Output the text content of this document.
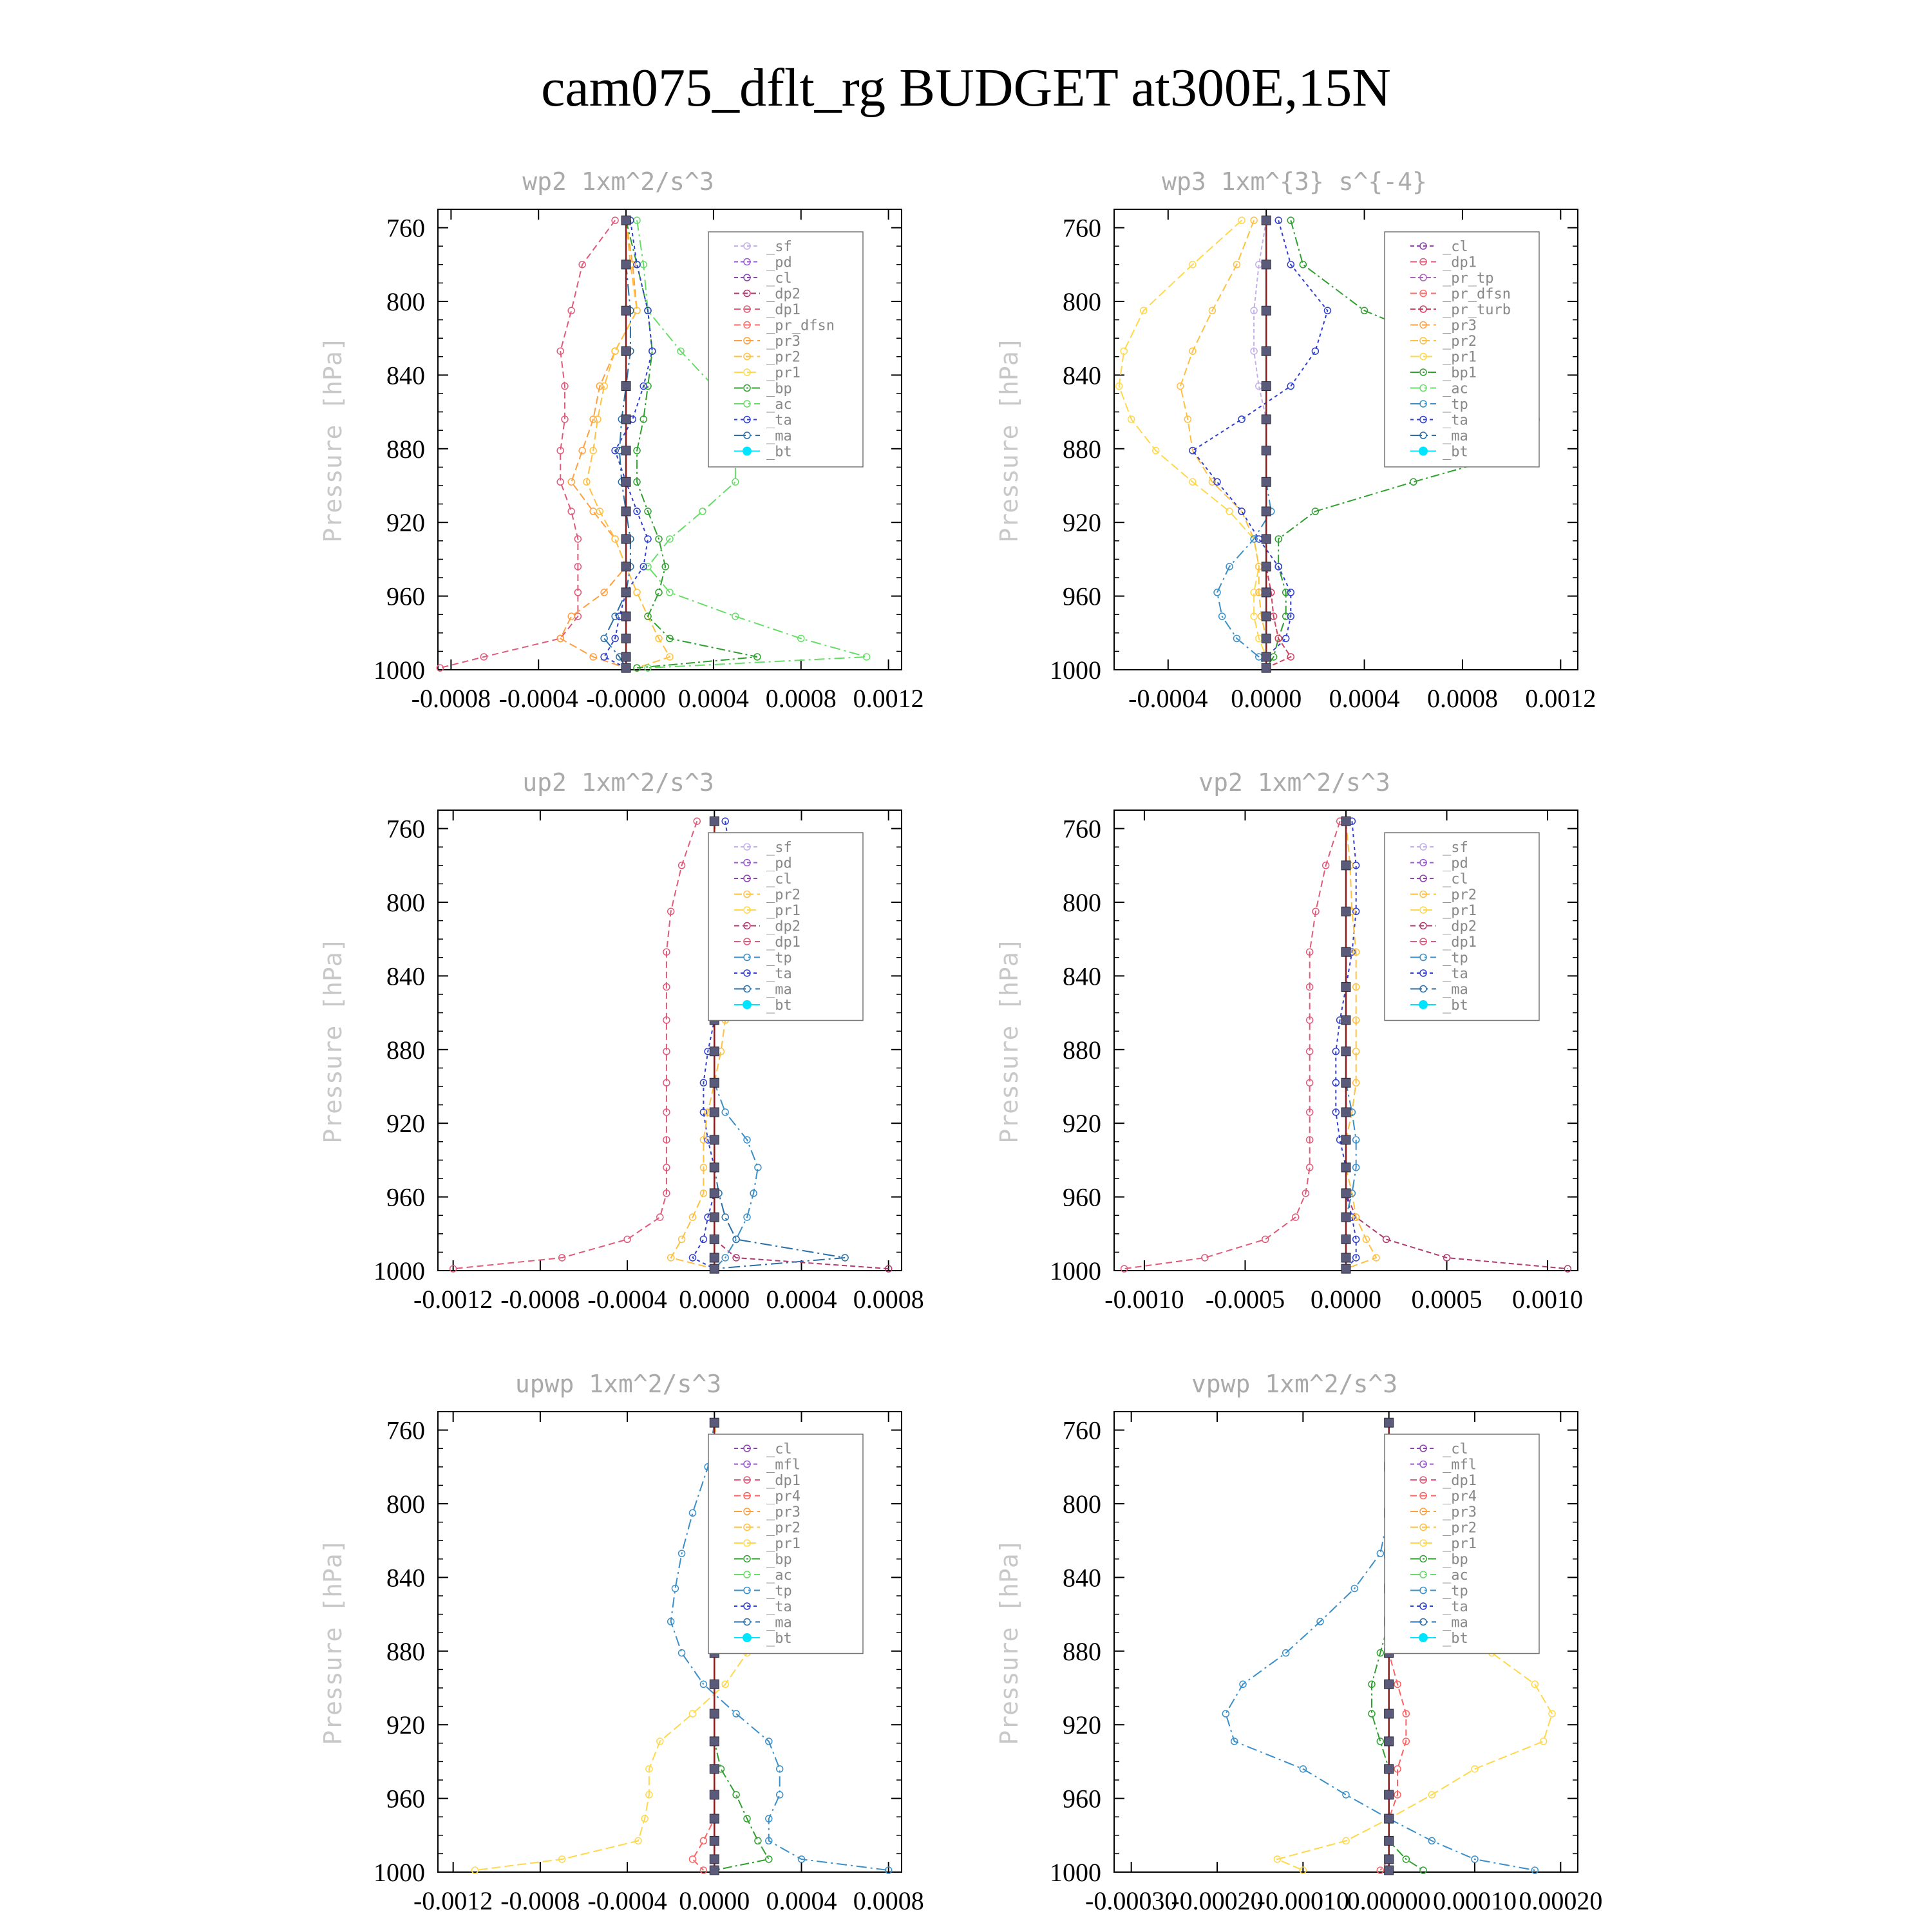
cam075_dflt_rg BUDGET at300E,15N
wp2 1xm^2/s^3
Pressure [hPa]
760
800
840
880
920
960
1000
-0.0008 -0.0004 -0.0000 0.0004 0.0008 0.0012
_sf
_pd
_cl
_dp2
_dp1
_pr_dfsn
_pr3
_pr2
_pr1
_bp
_ac
_ta
_ma
_bt
wp3 1xm^{3} s^{-4}
Pressure [hPa]
760
800
840
880
920
960
1000
-0.0004 0.0000 0.0004 0.0008 0.0012
_cl
_dp1
_pr_tp
_pr_dfsn
_pr_turb
_pr3
_pr2
_pr1
_bp1
_ac
_tp
_ta
_ma
_bt
up2 1xm^2/s^3
Pressure [hPa]
760
800
840
880
920
960
1000
-0.0012 -0.0008 -0.0004 0.0000 0.0004 0.0008
_sf
_pd
_cl
_pr2
_pr1
_dp2
_dp1
_tp
_ta
_ma
_bt
vp2 1xm^2/s^3
Pressure [hPa]
760
800
840
880
920
960
1000
-0.0010 -0.0005 0.0000 0.0005 0.0010
_sf
_pd
_cl
_pr2
_pr1
_dp2
_dp1
_tp
_ta
_ma
_bt
upwp 1xm^2/s^3
Pressure [hPa]
760
800
840
880
920
960
1000
-0.0012 -0.0008 -0.0004 0.0000 0.0004 0.0008
_cl
_mfl
_dp1
_pr4
_pr3
_pr2
_pr1
_bp
_ac
_tp
_ta
_ma
_bt
vpwp 1xm^2/s^3
Pressure [hPa]
760
800
840
880
920
960
1000
-0.00030
-0.00020
-0.00010
0.00000 0.00010 0.00020
_cl
_mfl
_dp1
_pr4
_pr3
_pr2
_pr1
_bp
_ac
_tp
_ta
_ma
_bt
